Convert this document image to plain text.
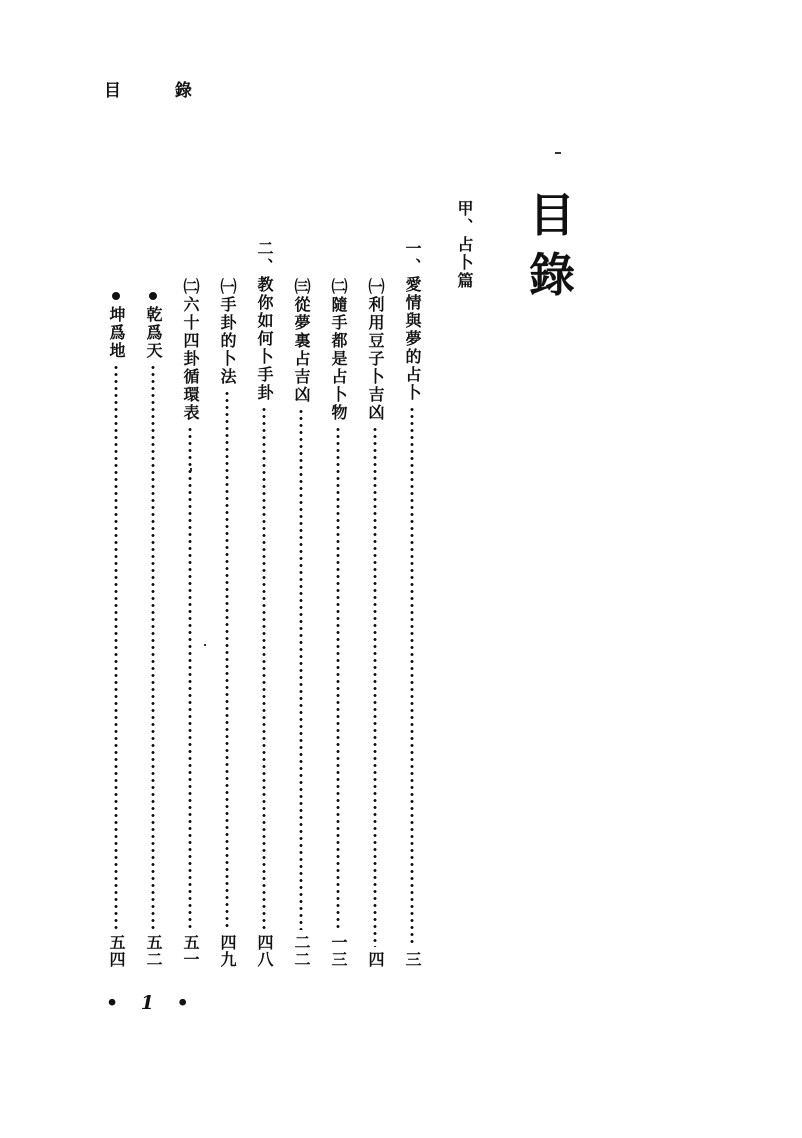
目 錄
目
錄
甲、占卜篇
一、愛情與夢的占卜
三
㈠利用豆子卜吉凶
四
㈡隨手都是占卜物
一三
㈢從夢裏占吉凶
二二
二、教你如何卜手卦
四八
㈠手卦的卜法
四九
㈡六十四卦循環表
五一
乾爲天
五二
坤爲地
五四
• 1 •
